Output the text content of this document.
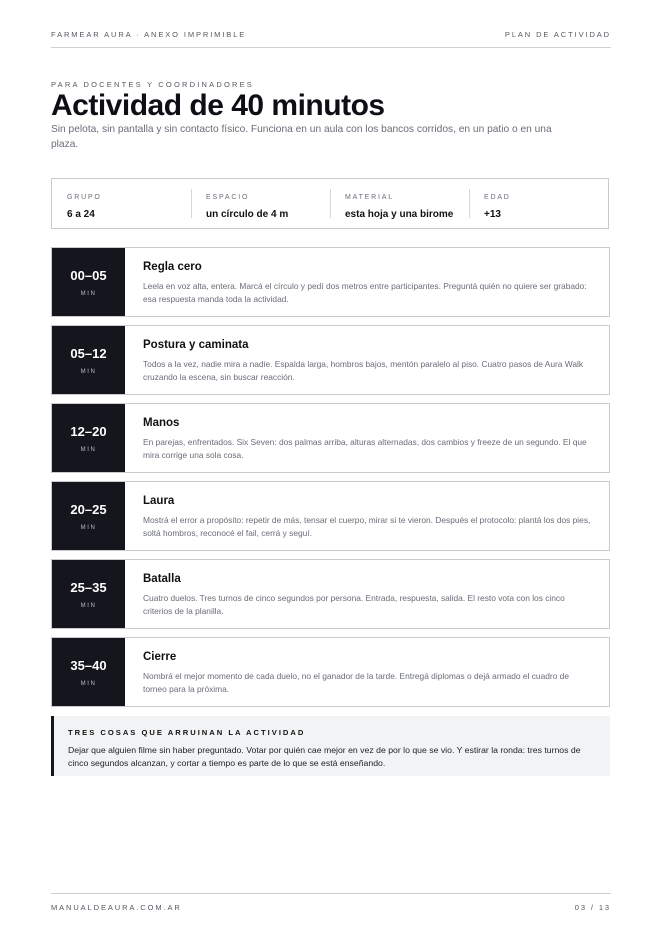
FARMEAR AURA · ANEXO IMPRIMIBLE	PLAN DE ACTIVIDAD
PARA DOCENTES Y COORDINADORES
Actividad de 40 minutos

Sin pelota, sin pantalla y sin contacto físico. Funciona en un aula con los bancos corridos, en un patio o en una plaza.

GRUPO
6 a 24
ESPACIO
un círculo de 4 m
MATERIAL
esta hoja y una birome
EDAD
+13
00–05
MIN
Regla cero
Leela en voz alta, entera. Marcá el círculo y pedí dos metros entre participantes. Preguntá quién no quiere ser grabado: esa respuesta manda toda la actividad.
05–12
MIN
Postura y caminata
Todos a la vez, nadie mira a nadie. Espalda larga, hombros bajos, mentón paralelo al piso. Cuatro pasos de Aura Walk cruzando la escena, sin buscar reacción.
12–20
MIN
Manos
En parejas, enfrentados. Six Seven: dos palmas arriba, alturas alternadas, dos cambios y freeze de un segundo. El que mira corrige una sola cosa.
20–25
MIN
Laura
Mostrá el error a propósito: repetir de más, tensar el cuerpo, mirar si te vieron. Después el protocolo: plantá los dos pies, soltá hombros, reconocé el fail, cerrá y seguí.
25–35
MIN
Batalla
Cuatro duelos. Tres turnos de cinco segundos por persona. Entrada, respuesta, salida. El resto vota con los cinco criterios de la planilla.
35–40
MIN
Cierre
Nombrá el mejor momento de cada duelo, no el ganador de la tarde. Entregá diplomas o dejá armado el cuadro de torneo para la próxima.
TRES COSAS QUE ARRUINAN LA ACTIVIDAD
Dejar que alguien filme sin haber preguntado. Votar por quién cae mejor en vez de por lo que se vio. Y estirar la ronda: tres turnos de cinco segundos alcanzan, y cortar a tiempo es parte de lo que se está enseñando.
MANUALDEAURA.COM.AR	03 / 13
